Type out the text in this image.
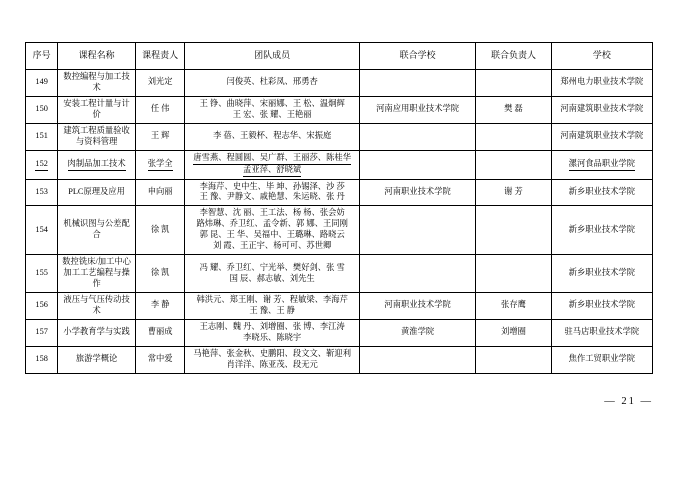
序号	课程名称	课程责人	团队成员	联合学校	联合负责人	学校
149	数控编程与加工技术	刘光定	闫俊英、杜彩凤、邢勇杏			郑州电力职业技术学院
150	安装工程计量与计价	任 伟	王 铮、曲晓萍、宋丽娜、王 松、温炯辉
王 宏、张 耀、王艳丽	河南应用职业技术学院	樊 磊	河南建筑职业技术学院
151	建筑工程质量验收与资料管理	王 辉	李 蓓、王毅杯、程志华、宋振庭			河南建筑职业技术学院
152	肉制品加工技术	张学全	唐雪燕、程圆圆、吴广群、王丽莎、陈桂华
孟亚萍、舒晓斌			漯河食品职业学院
153	PLC原理及应用	申向丽	李海芹、史中生、毕 坤、孙锡泽、沙 莎
王 豫、尹静文、戚艳慧、朱运晓、张 丹	河南职业技术学院	谢 芳	新乡职业技术学院
154	机械识图与公差配合	徐 凯	李智慧、沈 丽、王工法、杨 杨、张会妨
路炜琳、乔卫红、孟令新、郭 娜、王同刚
郭 昆、王 华、吴福中、王璐琳、路晓云
刘 霞、王正宇、杨可可、苏世卿			新乡职业技术学院
155	数控铣床/加工中心加工工艺编程与操作	徐 凯	冯 耀、乔卫红、宁光举、樊好剑、张 雪
国 辰、郝志敏、刘先生			新乡职业技术学院
156	液压与气压传动技术	李 静	韩洪元、郑王刚、谢 芳、程敏梁、李海芹
王 豫、王 静	河南职业技术学院	张存鹰	新乡职业技术学院
157	小学教育学与实践	曹丽成	王志刚、魏 丹、刘增圈、张 博、李江涛
李晓乐、陈晓宇	黄淮学院	刘增圈	驻马店职业技术学院
158	旅游学概论	常中爱	马艳萍、张金秋、史鹏阳、段文文、靳迎利
肖洋洋、陈亚茂、段无元			焦作工贸职业学院
— 21 —
